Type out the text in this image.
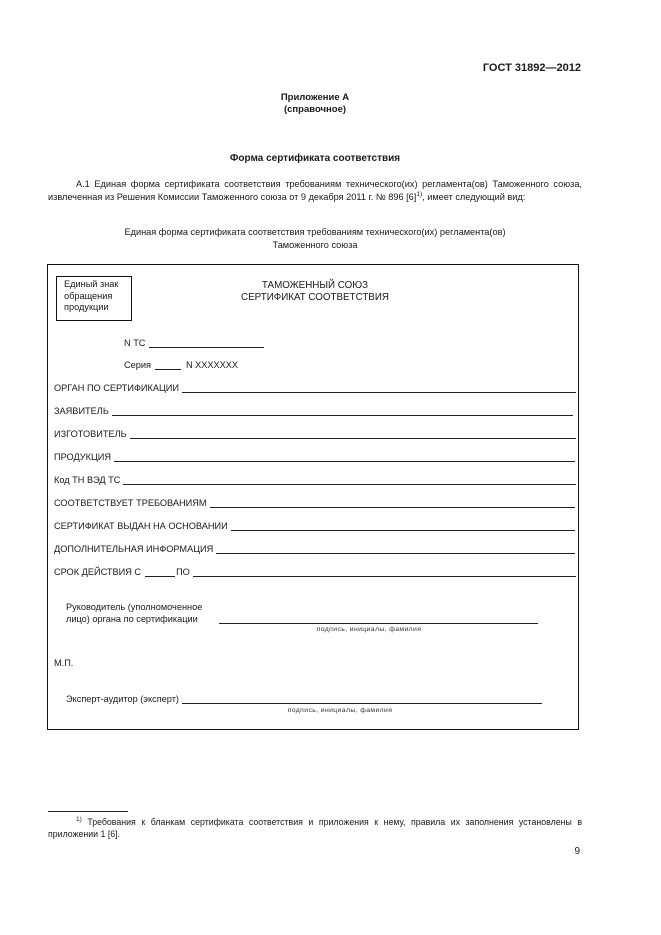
ГОСТ 31892—2012
Приложение А
(справочное)
Форма сертификата соответствия
А.1 Единая форма сертификата соответствия требованиям технического(их) регламента(ов) Таможенного союза, извлеченная из Решения Комиссии Таможенного союза от 9 декабря 2011 г. № 896 $[6]^{1)}$, имеет следующий вид:
Единая форма сертификата соответствия требованиям технического(их) регламента(ов)
Таможенного союза
Единый знак
обращения
продукции
ТАМОЖЕННЫЙ СОЮЗ
СЕРТИФИКАТ СООТВЕТСТВИЯ
N ТС
Серия	N XXXXXXX
ОРГАН ПО СЕРТИФИКАЦИИ
ЗАЯВИТЕЛЬ
ИЗГОТОВИТЕЛЬ
ПРОДУКЦИЯ
Код ТН ВЭД ТС
СООТВЕТСТВУЕТ ТРЕБОВАНИЯМ
СЕРТИФИКАТ ВЫДАН НА ОСНОВАНИИ
ДОПОЛНИТЕЛЬНАЯ ИНФОРМАЦИЯ
СРОК ДЕЙСТВИЯ С	ПО
Руководитель (уполномоченное
лицо) органа по сертификации
подпись, инициалы, фамилия
М.П.
Эксперт-аудитор (эксперт)
подпись, инициалы, фамилия
$^{1)}$ Требования к бланкам сертификата соответствия и приложения к нему, правила их заполнения установлены в приложении 1 [6].
9
